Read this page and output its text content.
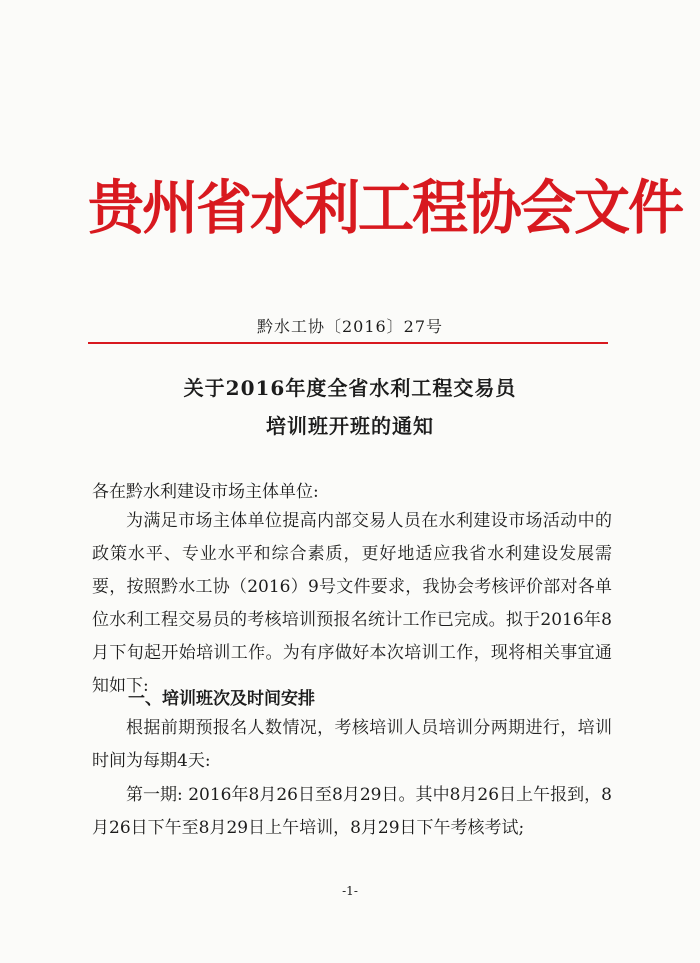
贵州省水利工程协会文件
黔水工协〔2016〕27号
关于2016年度全省水利工程交易员
培训班开班的通知
各在黔水利建设市场主体单位:
为满足市场主体单位提高内部交易人员在水利建设市场活动中的政策水平、专业水平和综合素质，更好地适应我省水利建设发展需要，按照黔水工协（2016）9号文件要求，我协会考核评价部对各单位水利工程交易员的考核培训预报名统计工作已完成。拟于2016年8月下旬起开始培训工作。为有序做好本次培训工作，现将相关事宜通知如下:
一、培训班次及时间安排
根据前期预报名人数情况，考核培训人员培训分两期进行，培训时间为每期4天:
第一期: 2016年8月26日至8月29日。其中8月26日上午报到，8月26日下午至8月29日上午培训，8月29日下午考核考试;
-1-
